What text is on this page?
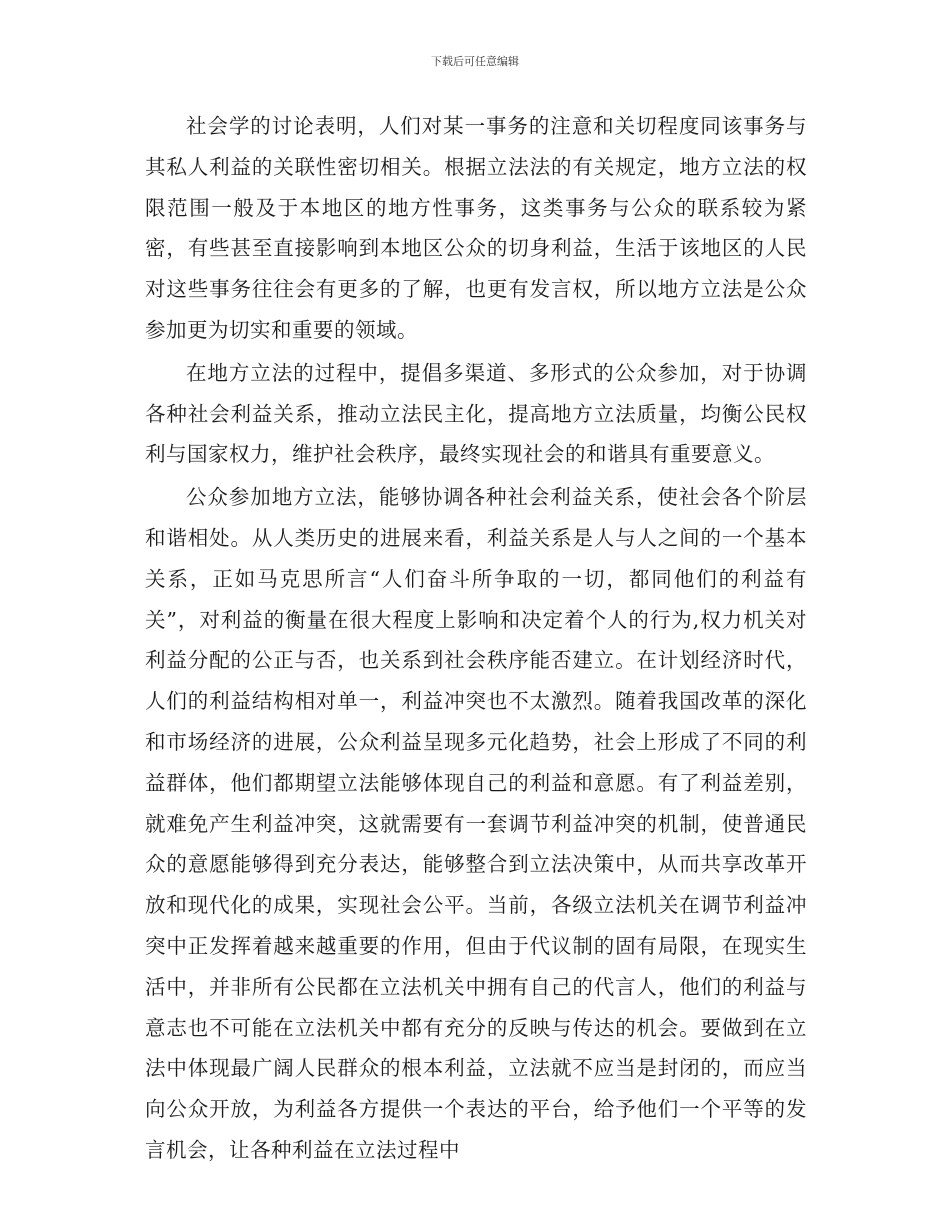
下载后可任意编辑

社会学的讨论表明，人们对某一事务的注意和关切程度同该事务与其私人利益的关联性密切相关。根据立法法的有关规定，地方立法的权限范围一般及于本地区的地方性事务，这类事务与公众的联系较为紧密，有些甚至直接影响到本地区公众的切身利益，生活于该地区的人民对这些事务往往会有更多的了解，也更有发言权，所以地方立法是公众参加更为切实和重要的领域。

在地方立法的过程中，提倡多渠道、多形式的公众参加，对于协调各种社会利益关系，推动立法民主化，提高地方立法质量，均衡公民权利与国家权力，维护社会秩序，最终实现社会的和谐具有重要意义。

公众参加地方立法，能够协调各种社会利益关系，使社会各个阶层和谐相处。从人类历史的进展来看，利益关系是人与人之间的一个基本关系，正如马克思所言“人们奋斗所争取的一切，都同他们的利益有关”，对利益的衡量在很大程度上影响和决定着个人的行为,权力机关对利益分配的公正与否，也关系到社会秩序能否建立。在计划经济时代，人们的利益结构相对单一，利益冲突也不太激烈。随着我国改革的深化和市场经济的进展，公众利益呈现多元化趋势，社会上形成了不同的利益群体，他们都期望立法能够体现自己的利益和意愿。有了利益差别，就难免产生利益冲突，这就需要有一套调节利益冲突的机制，使普通民众的意愿能够得到充分表达，能够整合到立法决策中，从而共享改革开放和现代化的成果，实现社会公平。当前，各级立法机关在调节利益冲突中正发挥着越来越重要的作用，但由于代议制的固有局限，在现实生活中，并非所有公民都在立法机关中拥有自己的代言人，他们的利益与意志也不可能在立法机关中都有充分的反映与传达的机会。要做到在立法中体现最广阔人民群众的根本利益，立法就不应当是封闭的，而应当向公众开放，为利益各方提供一个表达的平台，给予他们一个平等的发言机会，让各种利益在立法过程中
